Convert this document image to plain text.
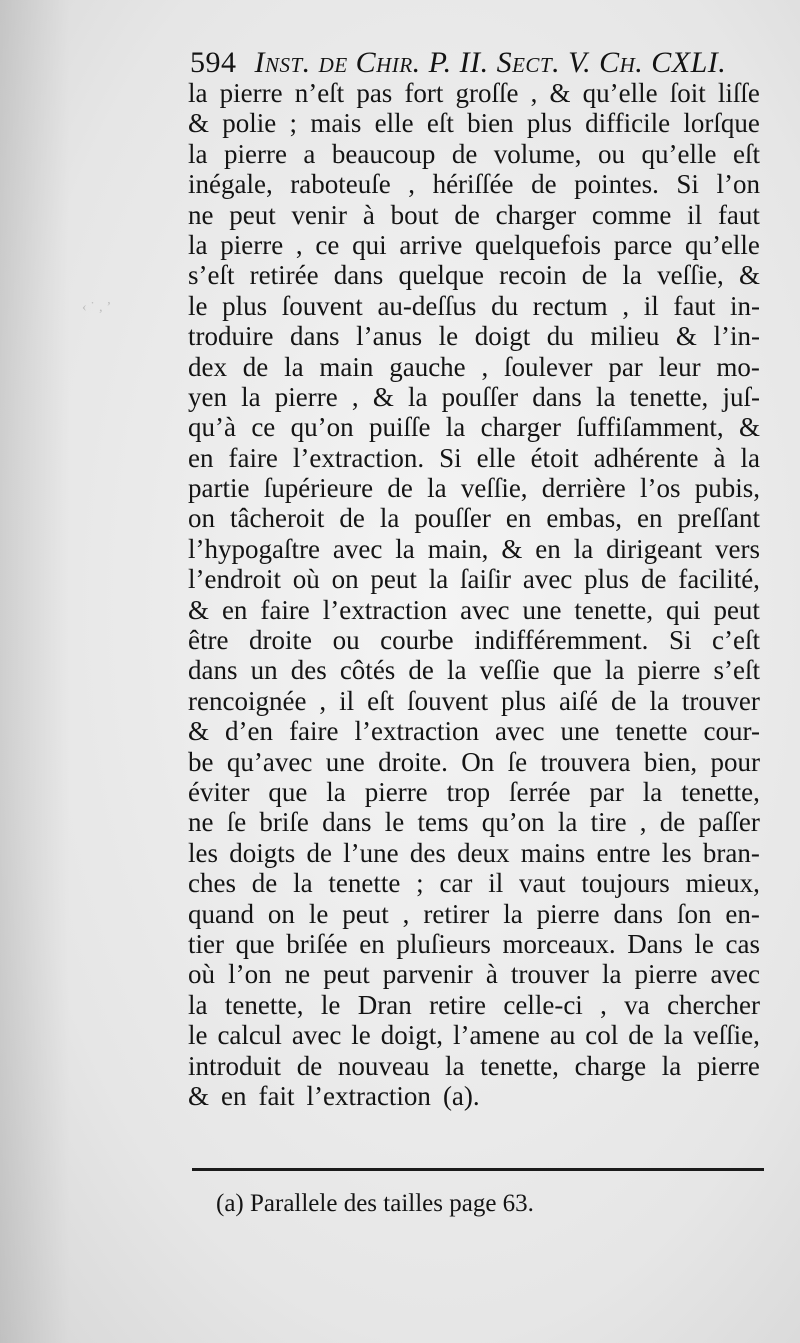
‹ ˙ ‚ ’
594 Inst. de Chir. P. II. Sect. V. Ch. CXLI.
la pierre n’eſt pas fort groſſe , & qu’elle ſoit liſſe
& polie ; mais elle eſt bien plus difficile lorſque
la pierre a beaucoup de volume, ou qu’elle eſt
inégale, raboteuſe , hériſſée de pointes. Si l’on
ne peut venir à bout de charger comme il faut
la pierre , ce qui arrive quelquefois parce qu’elle
s’eſt retirée dans quelque recoin de la veſſie, &
le plus ſouvent au-deſſus du rectum , il faut in-
troduire dans l’anus le doigt du milieu & l’in-
dex de la main gauche , ſoulever par leur mo-
yen la pierre , & la pouſſer dans la tenette, juſ-
qu’à ce qu’on puiſſe la charger ſuffiſamment, &
en faire l’extraction. Si elle étoit adhérente à la
partie ſupérieure de la veſſie, derrière l’os pubis,
on tâcheroit de la pouſſer en embas, en preſſant
l’hypogaſtre avec la main, & en la dirigeant vers
l’endroit où on peut la ſaiſir avec plus de facilité,
& en faire l’extraction avec une tenette, qui peut
être droite ou courbe indifféremment. Si c’eſt
dans un des côtés de la veſſie que la pierre s’eſt
rencoignée , il eſt ſouvent plus aiſé de la trouver
& d’en faire l’extraction avec une tenette cour-
be qu’avec une droite. On ſe trouvera bien, pour
éviter que la pierre trop ſerrée par la tenette,
ne ſe briſe dans le tems qu’on la tire , de paſſer
les doigts de l’une des deux mains entre les bran-
ches de la tenette ; car il vaut toujours mieux,
quand on le peut , retirer la pierre dans ſon en-
tier que briſée en pluſieurs morceaux. Dans le cas
où l’on ne peut parvenir à trouver la pierre avec
la tenette, le Dran retire celle-ci , va chercher
le calcul avec le doigt, l’amene au col de la veſſie,
introduit de nouveau la tenette, charge la pierre
& en fait l’extraction (a).
(a) Parallele des tailles page 63.
